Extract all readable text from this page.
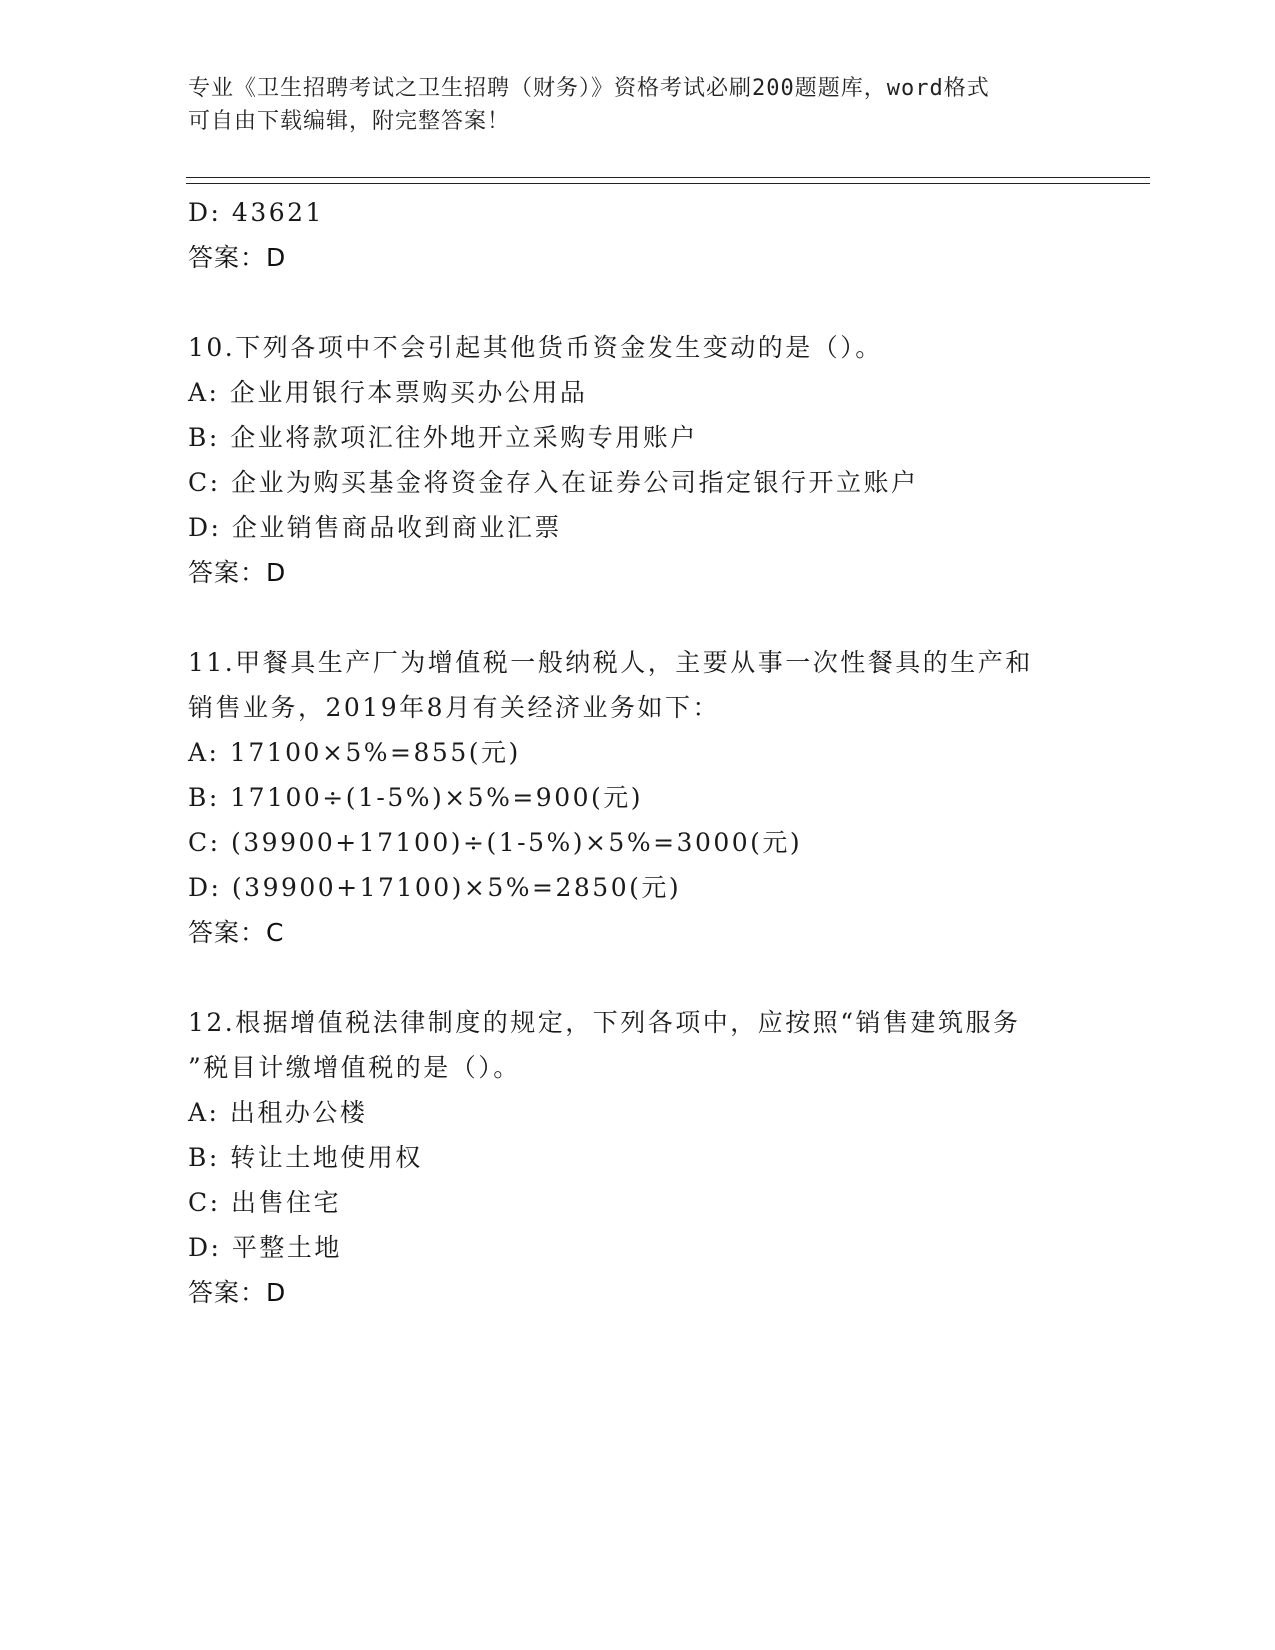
专业《卫生招聘考试之卫生招聘（财务）》资格考试必刷200题题库，word格式
可自由下载编辑，附完整答案！
D: 43621
答案：D
10.下列各项中不会引起其他货币资金发生变动的是（）。
A: 企业用银行本票购买办公用品
B: 企业将款项汇往外地开立采购专用账户
C: 企业为购买基金将资金存入在证券公司指定银行开立账户
D: 企业销售商品收到商业汇票
答案：D
11.甲餐具生产厂为增值税一般纳税人，主要从事一次性餐具的生产和
销售业务，2019年8月有关经济业务如下：
A: 17100×5%=855(元)
B: 17100÷(1-5%)×5%=900(元)
C: (39900+17100)÷(1-5%)×5%=3000(元)
D: (39900+17100)×5%=2850(元)
答案：C
12.根据增值税法律制度的规定，下列各项中，应按照“销售建筑服务
”税目计缴增值税的是（）。
A: 出租办公楼
B: 转让土地使用权
C: 出售住宅
D: 平整土地
答案：D
